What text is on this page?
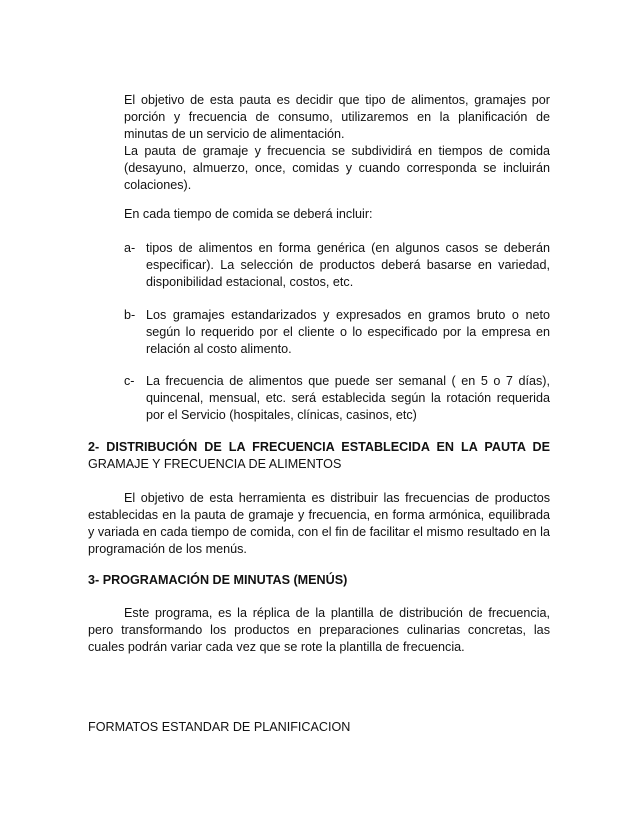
El objetivo de esta pauta es decidir que tipo de alimentos, gramajes por porción y frecuencia de consumo, utilizaremos en la planificación de minutas de un servicio de alimentación.

La pauta de gramaje y frecuencia se subdividirá en tiempos de comida (desayuno, almuerzo, once, comidas y cuando corresponda se incluirán colaciones).

En cada tiempo de comida se deberá incluir:

a- tipos de alimentos en forma genérica (en algunos casos se deberán especificar). La selección de productos deberá basarse en variedad, disponibilidad estacional, costos, etc.
b- Los gramajes estandarizados y expresados en gramos bruto o neto según lo requerido por el cliente o lo especificado por la empresa en relación al costo alimento.
c- La frecuencia de alimentos que puede ser semanal ( en 5 o 7 días), quincenal, mensual, etc. será establecida según la rotación requerida por el Servicio (hospitales, clínicas, casinos, etc)
2- DISTRIBUCIÓN DE LA FRECUENCIA ESTABLECIDA EN LA PAUTA DE GRAMAJE Y FRECUENCIA DE ALIMENTOS

El objetivo de esta herramienta es distribuir las frecuencias de productos establecidas en la pauta de gramaje y frecuencia, en forma armónica, equilibrada y variada en cada tiempo de comida, con el fin de facilitar el mismo resultado en la programación de los menús.

3- PROGRAMACIÓN DE MINUTAS (MENÚS)

Este programa, es la réplica de la plantilla de distribución de frecuencia, pero transformando los productos en preparaciones culinarias concretas, las cuales podrán variar cada vez que se rote la plantilla de frecuencia.

FORMATOS ESTANDAR DE PLANIFICACION
